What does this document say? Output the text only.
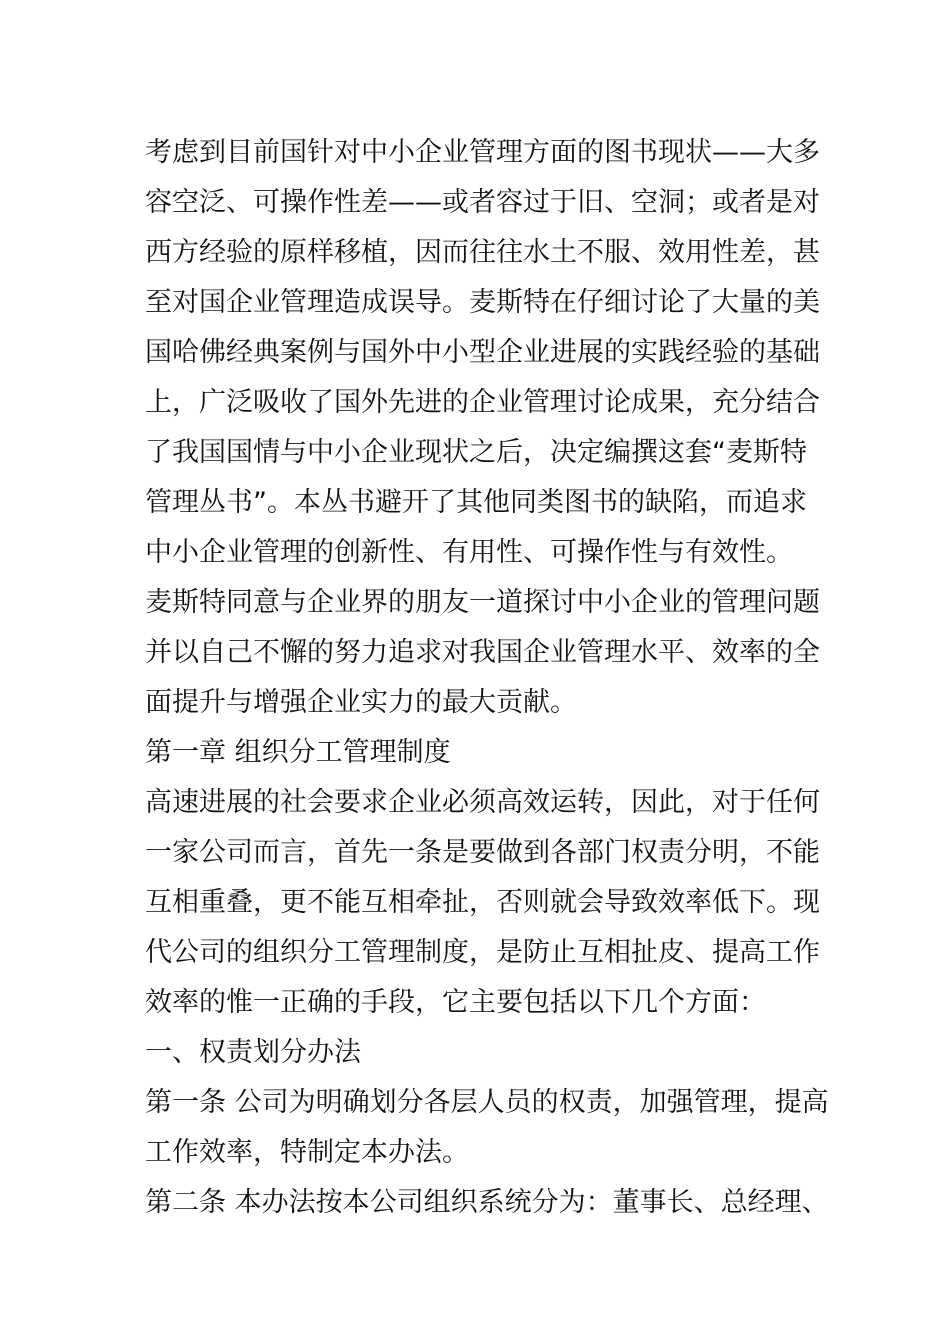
考虑到目前国针对中小企业管理方面的图书现状——大多
容空泛、可操作性差——或者容过于旧、空洞；或者是对
西方经验的原样移植，因而往往水土不服、效用性差，甚
至对国企业管理造成误导。麦斯特在仔细讨论了大量的美
国哈佛经典案例与国外中小型企业进展的实践经验的基础
上，广泛吸收了国外先进的企业管理讨论成果，充分结合
了我国国情与中小企业现状之后，决定编撰这套“麦斯特
管理丛书”。本丛书避开了其他同类图书的缺陷，而追求
中小企业管理的创新性、有用性、可操作性与有效性。
麦斯特同意与企业界的朋友一道探讨中小企业的管理问题
并以自己不懈的努力追求对我国企业管理水平、效率的全
面提升与增强企业实力的最大贡献。
第一章 组织分工管理制度
高速进展的社会要求企业必须高效运转，因此，对于任何
一家公司而言，首先一条是要做到各部门权责分明，不能
互相重叠，更不能互相牵扯，否则就会导致效率低下。现
代公司的组织分工管理制度，是防止互相扯皮、提高工作
效率的惟一正确的手段，它主要包括以下几个方面：
一、权责划分办法
第一条 公司为明确划分各层人员的权责，加强管理，提高
工作效率，特制定本办法。
第二条 本办法按本公司组织系统分为：董事长、总经理、
